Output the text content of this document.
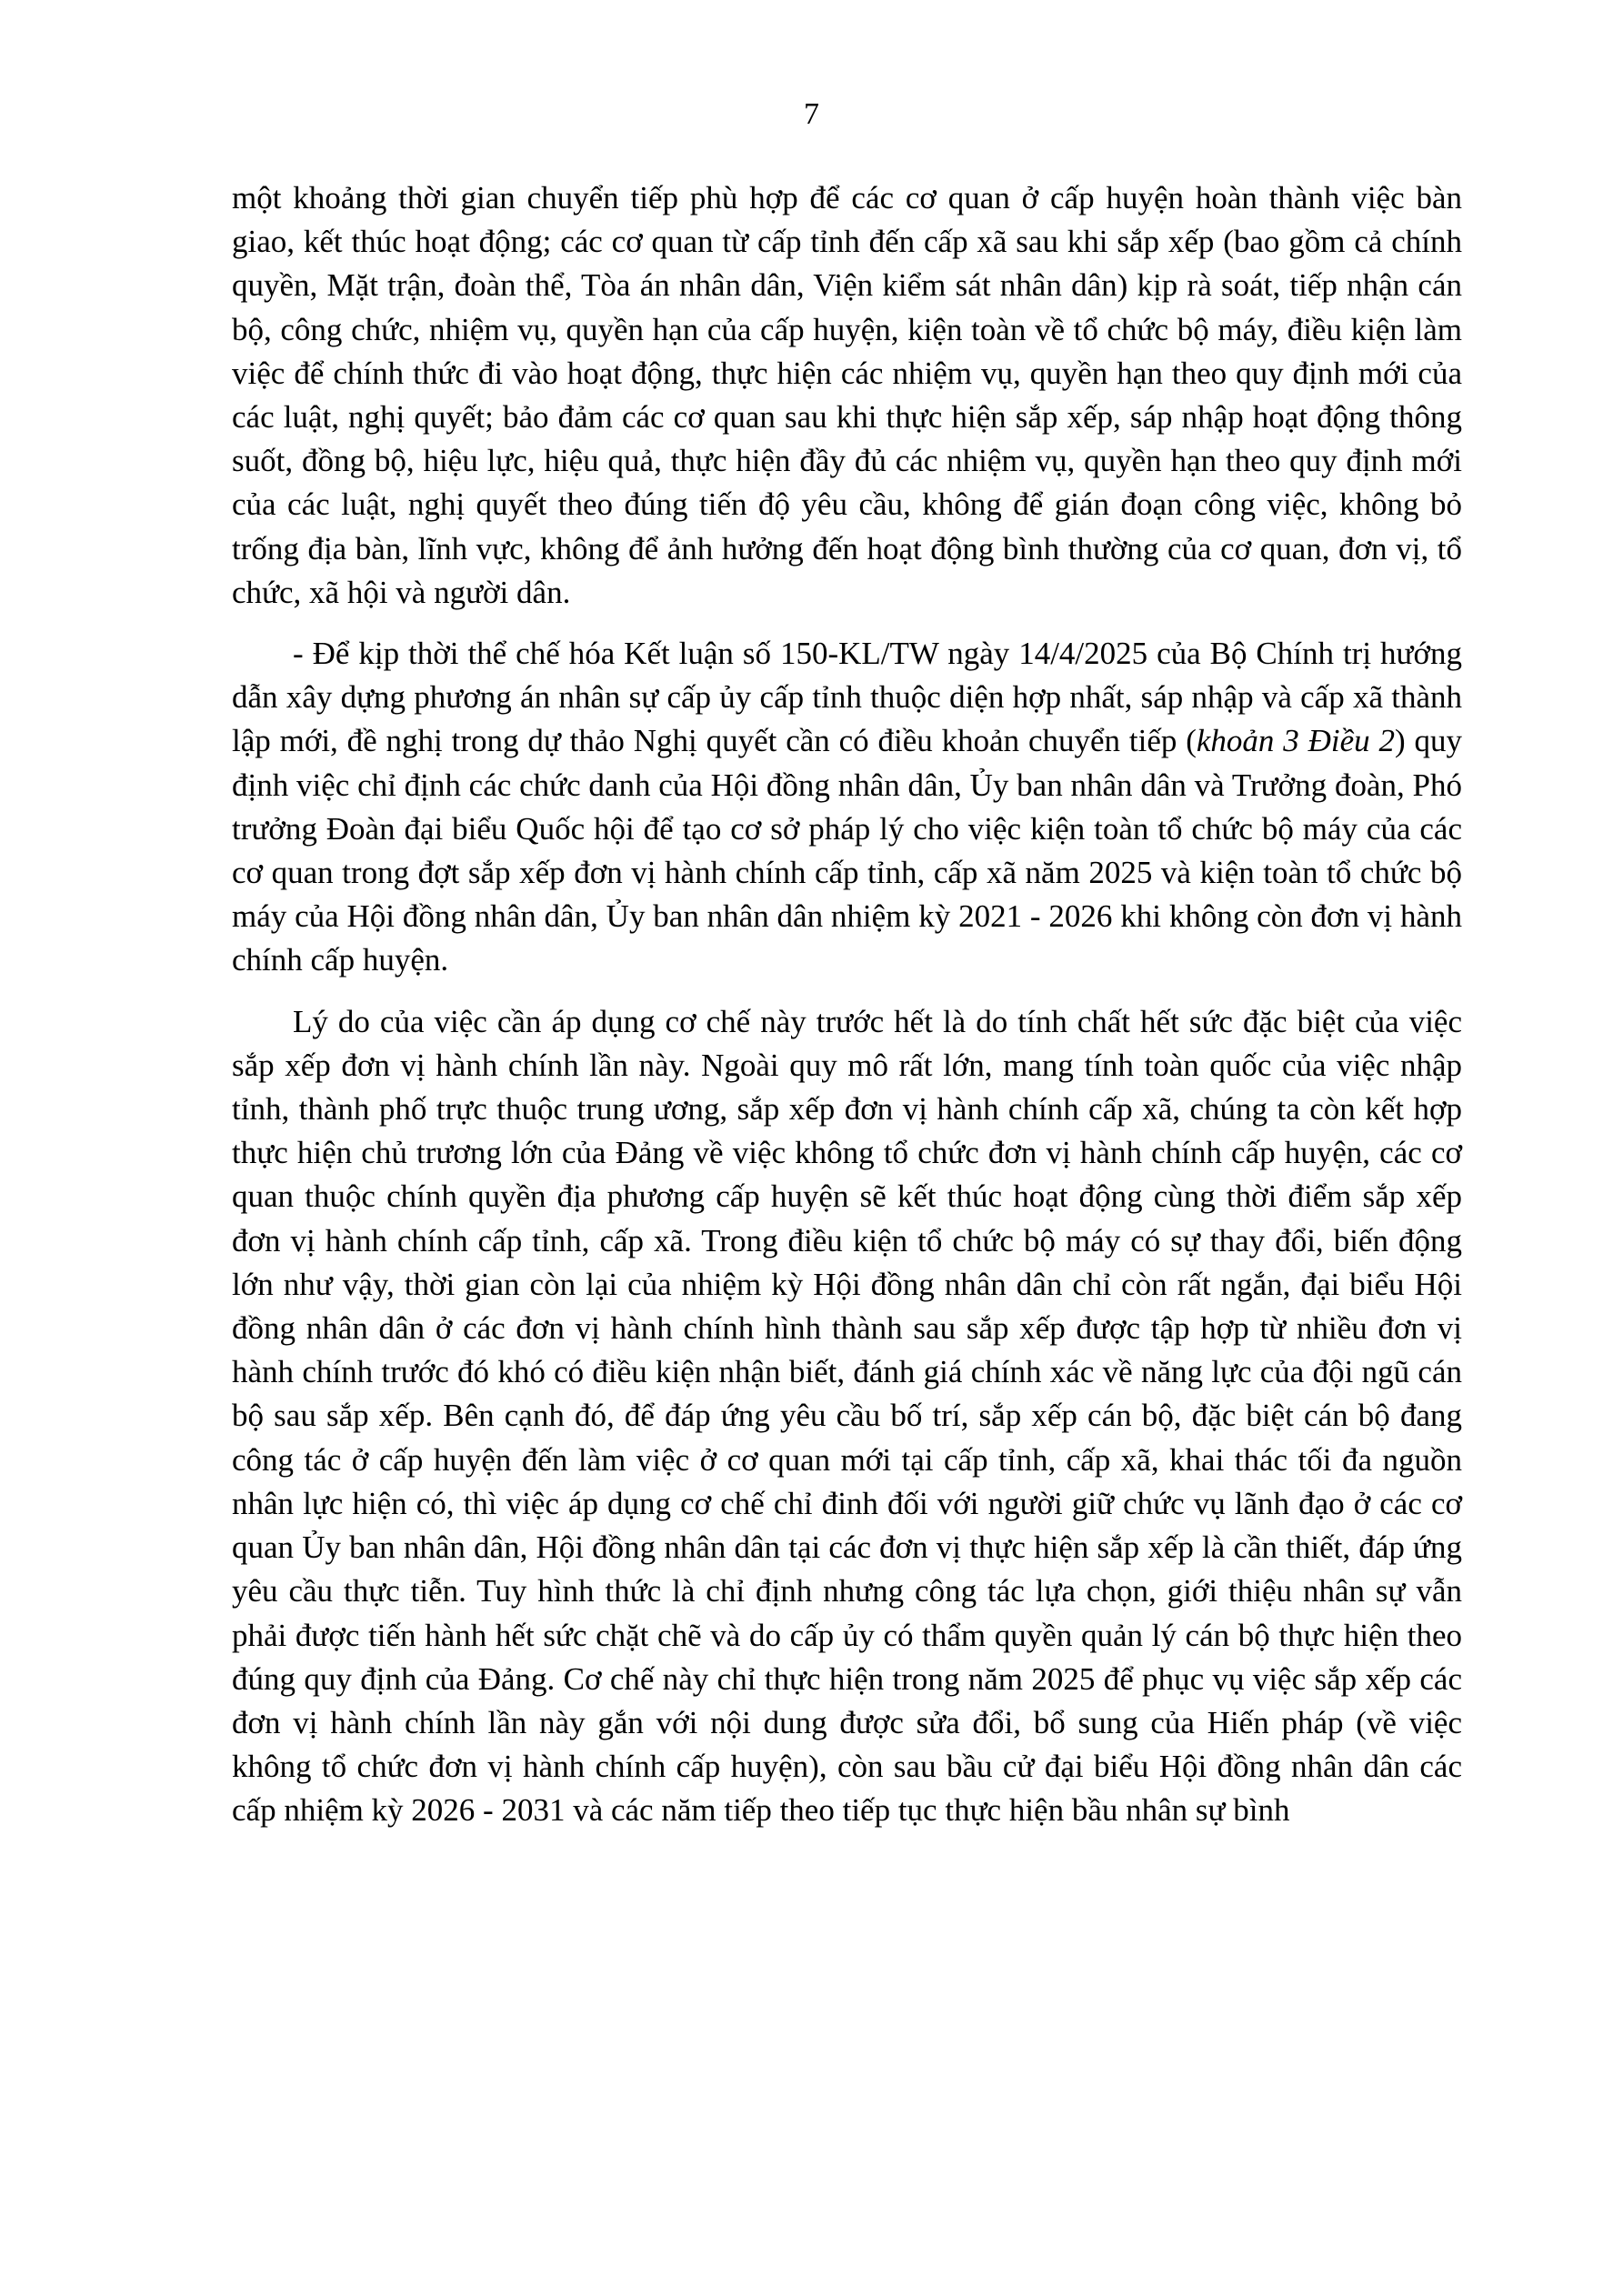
7

một khoảng thời gian chuyển tiếp phù hợp để các cơ quan ở cấp huyện hoàn thành việc bàn giao, kết thúc hoạt động; các cơ quan từ cấp tỉnh đến cấp xã sau khi sắp xếp (bao gồm cả chính quyền, Mặt trận, đoàn thể, Tòa án nhân dân, Viện kiểm sát nhân dân) kịp rà soát, tiếp nhận cán bộ, công chức, nhiệm vụ, quyền hạn của cấp huyện, kiện toàn về tổ chức bộ máy, điều kiện làm việc để chính thức đi vào hoạt động, thực hiện các nhiệm vụ, quyền hạn theo quy định mới của các luật, nghị quyết; bảo đảm các cơ quan sau khi thực hiện sắp xếp, sáp nhập hoạt động thông suốt, đồng bộ, hiệu lực, hiệu quả, thực hiện đầy đủ các nhiệm vụ, quyền hạn theo quy định mới của các luật, nghị quyết theo đúng tiến độ yêu cầu, không để gián đoạn công việc, không bỏ trống địa bàn, lĩnh vực, không để ảnh hưởng đến hoạt động bình thường của cơ quan, đơn vị, tổ chức, xã hội và người dân.

- Để kịp thời thể chế hóa Kết luận số 150-KL/TW ngày 14/4/2025 của Bộ Chính trị hướng dẫn xây dựng phương án nhân sự cấp ủy cấp tỉnh thuộc diện hợp nhất, sáp nhập và cấp xã thành lập mới, đề nghị trong dự thảo Nghị quyết cần có điều khoản chuyển tiếp (khoản 3 Điều 2) quy định việc chỉ định các chức danh của Hội đồng nhân dân, Ủy ban nhân dân và Trưởng đoàn, Phó trưởng Đoàn đại biểu Quốc hội để tạo cơ sở pháp lý cho việc kiện toàn tổ chức bộ máy của các cơ quan trong đợt sắp xếp đơn vị hành chính cấp tỉnh, cấp xã năm 2025 và kiện toàn tổ chức bộ máy của Hội đồng nhân dân, Ủy ban nhân dân nhiệm kỳ 2021 - 2026 khi không còn đơn vị hành chính cấp huyện.

Lý do của việc cần áp dụng cơ chế này trước hết là do tính chất hết sức đặc biệt của việc sắp xếp đơn vị hành chính lần này. Ngoài quy mô rất lớn, mang tính toàn quốc của việc nhập tỉnh, thành phố trực thuộc trung ương, sắp xếp đơn vị hành chính cấp xã, chúng ta còn kết hợp thực hiện chủ trương lớn của Đảng về việc không tổ chức đơn vị hành chính cấp huyện, các cơ quan thuộc chính quyền địa phương cấp huyện sẽ kết thúc hoạt động cùng thời điểm sắp xếp đơn vị hành chính cấp tỉnh, cấp xã. Trong điều kiện tổ chức bộ máy có sự thay đổi, biến động lớn như vậy, thời gian còn lại của nhiệm kỳ Hội đồng nhân dân chỉ còn rất ngắn, đại biểu Hội đồng nhân dân ở các đơn vị hành chính hình thành sau sắp xếp được tập hợp từ nhiều đơn vị hành chính trước đó khó có điều kiện nhận biết, đánh giá chính xác về năng lực của đội ngũ cán bộ sau sắp xếp. Bên cạnh đó, để đáp ứng yêu cầu bố trí, sắp xếp cán bộ, đặc biệt cán bộ đang công tác ở cấp huyện đến làm việc ở cơ quan mới tại cấp tỉnh, cấp xã, khai thác tối đa nguồn nhân lực hiện có, thì việc áp dụng cơ chế chỉ đinh đối với người giữ chức vụ lãnh đạo ở các cơ quan Ủy ban nhân dân, Hội đồng nhân dân tại các đơn vị thực hiện sắp xếp là cần thiết, đáp ứng yêu cầu thực tiễn. Tuy hình thức là chỉ định nhưng công tác lựa chọn, giới thiệu nhân sự vẫn phải được tiến hành hết sức chặt chẽ và do cấp ủy có thẩm quyền quản lý cán bộ thực hiện theo đúng quy định của Đảng. Cơ chế này chỉ thực hiện trong năm 2025 để phục vụ việc sắp xếp các đơn vị hành chính lần này gắn với nội dung được sửa đổi, bổ sung của Hiến pháp (về việc không tổ chức đơn vị hành chính cấp huyện), còn sau bầu cử đại biểu Hội đồng nhân dân các cấp nhiệm kỳ 2026 - 2031 và các năm tiếp theo tiếp tục thực hiện bầu nhân sự bình
